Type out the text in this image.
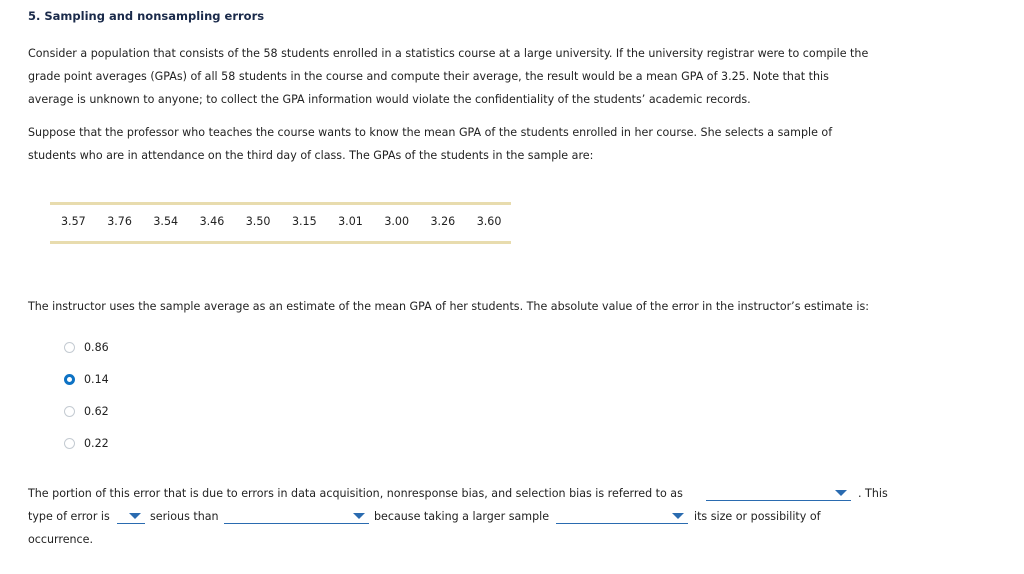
5. Sampling and nonsampling errors
Consider a population that consists of the 58 students enrolled in a statistics course at a large university. If the university registrar were to compile the
grade point averages (GPAs) of all 58 students in the course and compute their average, the result would be a mean GPA of 3.25. Note that this
average is unknown to anyone; to collect the GPA information would violate the confidentiality of the students’ academic records.
Suppose that the professor who teaches the course wants to know the mean GPA of the students enrolled in her course. She selects a sample of
students who are in attendance on the third day of class. The GPAs of the students in the sample are:
3.57	3.76	3.54	3.46	3.50	3.15	3.01	3.00	3.26	3.60
The instructor uses the sample average as an estimate of the mean GPA of her students. The absolute value of the error in the instructor’s estimate is:
0.86
0.14
0.62
0.22
The portion of this error that is due to errors in data acquisition, nonresponse bias, and selection bias is referred to as	. This
type of error is	serious than	because taking a larger sample	its size or possibility of
occurrence.
